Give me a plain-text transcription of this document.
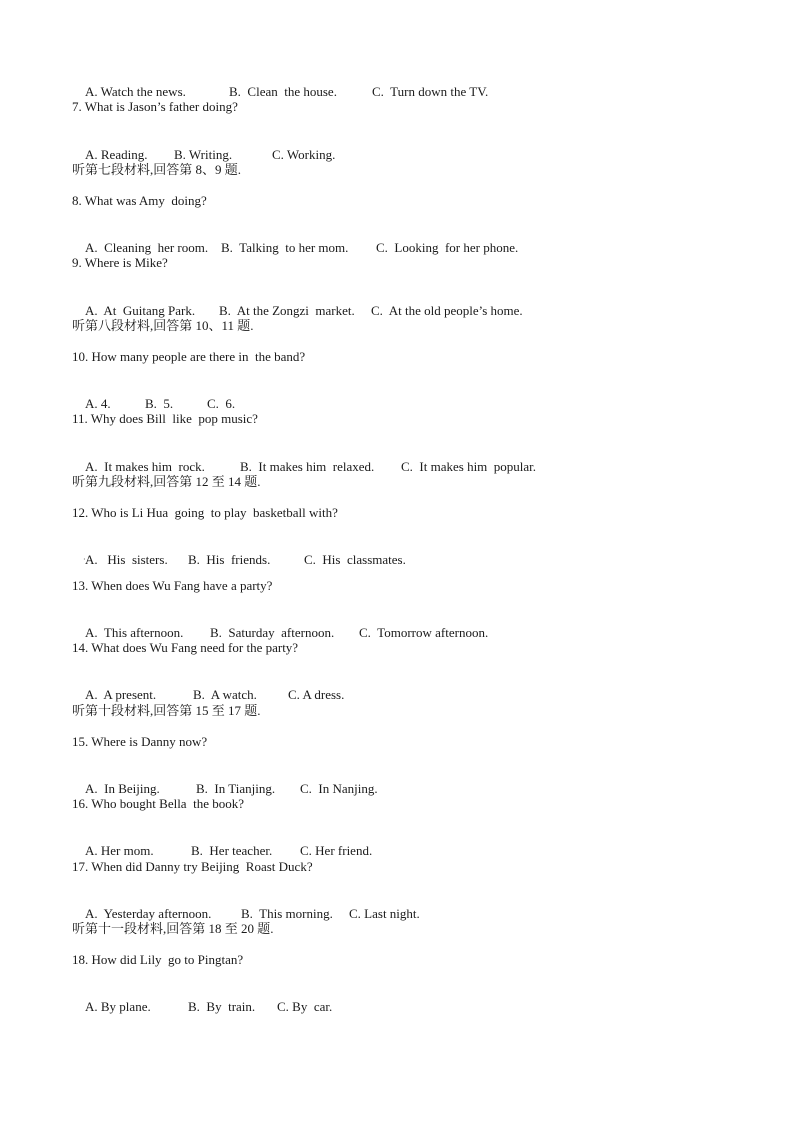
A. Watch the news.	B.  Clean  the house.	C.  Turn down the TV.

7. What is Jason’s father doing?

A. Reading. B. Writing.	C. Working.

听第七段材料,回答第 8、9 题.
8. What was Amy  doing?

A.  Cleaning  her room. B.  Talking  to her mom. C.  Looking  for her phone.

9. Where is Mike?

A.  At  Guitang Park. B.  At the Zongzi  market. C.  At the old people’s home.

听第八段材料,回答第 10、11 题.
10. How many people are there in  the band?

A. 4.	B.  5.	C.  6.

11. Why does Bill  like  pop music?

A.  It makes him  rock.	B.  It makes him  relaxed. C.  It makes him  popular.

听第九段材料,回答第 12 至 14 题.
12. Who is Li Hua  going  to play  basketball with?

A.   His  sisters. B.  His  friends.	C.  His  classmates.

·
13. When does Wu Fang have a party?

A.  This afternoon. B.  Saturday  afternoon. C.  Tomorrow afternoon.

14. What does Wu Fang need for the party?

A.  A present.	B.  A watch. C. A dress.

听第十段材料,回答第 15 至 17 题.
15. Where is Danny now?

A.  In Beijing.	B.  In Tianjing. C.  In Nanjing.

16. Who bought Bella  the book?

A. Her mom.	B.  Her teacher. C. Her friend.

17. When did Danny try Beijing  Roast Duck?

A.  Yesterday afternoon. B.  This morning. C. Last night.

听第十一段材料,回答第 18 至 20 题.
18. How did Lily  go to Pingtan?

A. By plane.	B.  By  train. C. By  car.
